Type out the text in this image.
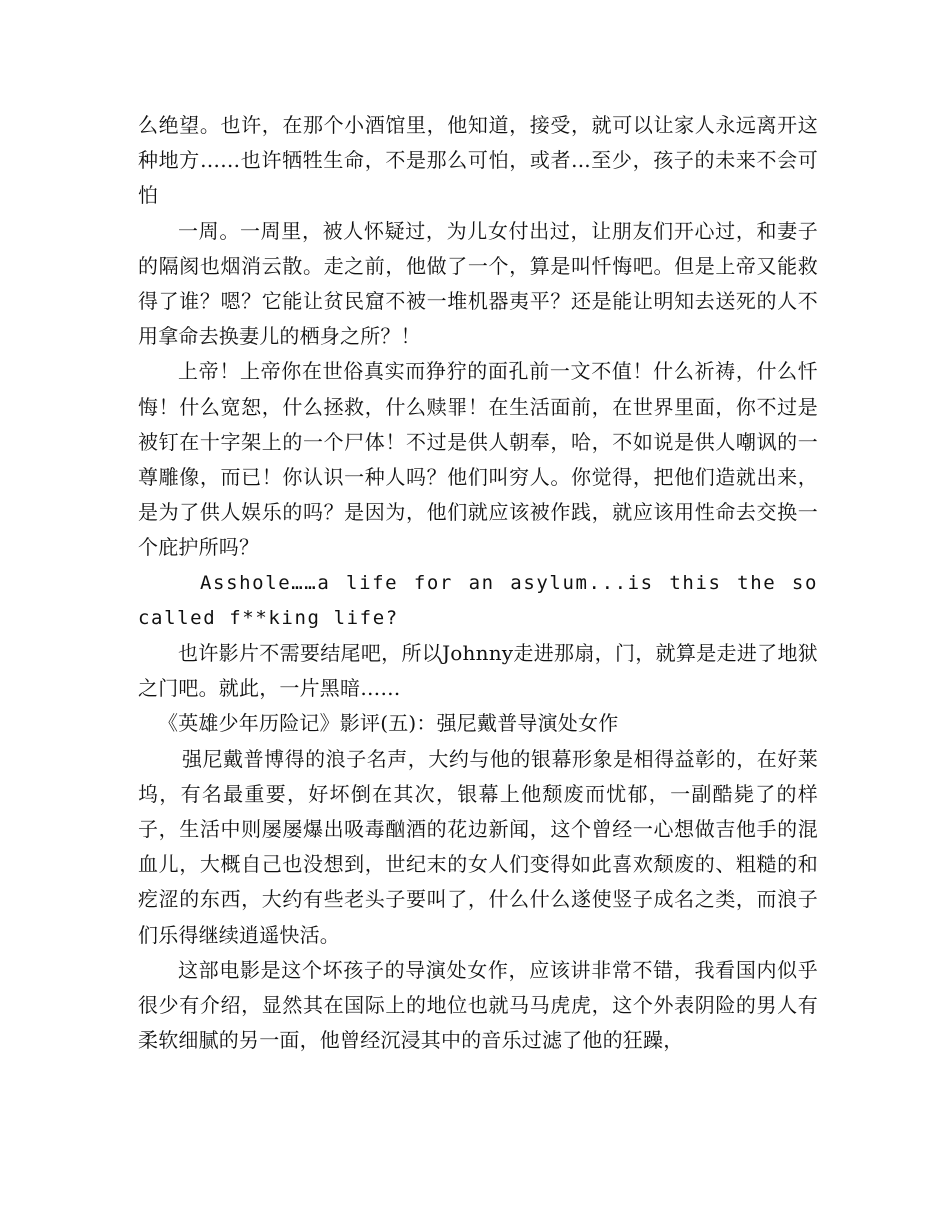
么绝望。也许，在那个小酒馆里，他知道，接受，就可以让家人永远离开这种地方……也许牺牲生命，不是那么可怕，或者...至少，孩子的未来不会可怕

一周。一周里，被人怀疑过，为儿女付出过，让朋友们开心过，和妻子的隔阂也烟消云散。走之前，他做了一个，算是叫忏悔吧。但是上帝又能救得了谁？嗯？它能让贫民窟不被一堆机器夷平？还是能让明知去送死的人不用拿命去换妻儿的栖身之所？！

上帝！上帝你在世俗真实而狰狞的面孔前一文不值！什么祈祷，什么忏悔！什么宽恕，什么拯救，什么赎罪！在生活面前，在世界里面，你不过是被钉在十字架上的一个尸体！不过是供人朝奉，哈，不如说是供人嘲讽的一尊雕像，而已！你认识一种人吗？他们叫穷人。你觉得，把他们造就出来，是为了供人娱乐的吗？是因为，他们就应该被作践，就应该用性命去交换一个庇护所吗？

Asshole……a life for an asylum...is this the so called f**king life?

也许影片不需要结尾吧，所以Johnny走进那扇，门，就算是走进了地狱之门吧。就此，一片黑暗……

《英雄少年历险记》影评(五)：强尼戴普导演处女作

强尼戴普博得的浪子名声，大约与他的银幕形象是相得益彰的，在好莱坞，有名最重要，好坏倒在其次，银幕上他颓废而忧郁，一副酷毙了的样子，生活中则屡屡爆出吸毒酗酒的花边新闻，这个曾经一心想做吉他手的混血儿，大概自己也没想到，世纪末的女人们变得如此喜欢颓废的、粗糙的和疙涩的东西，大约有些老头子要叫了，什么什么遂使竖子成名之类，而浪子们乐得继续逍遥快活。

这部电影是这个坏孩子的导演处女作，应该讲非常不错，我看国内似乎很少有介绍，显然其在国际上的地位也就马马虎虎，这个外表阴险的男人有柔软细腻的另一面，他曾经沉浸其中的音乐过滤了他的狂躁，
